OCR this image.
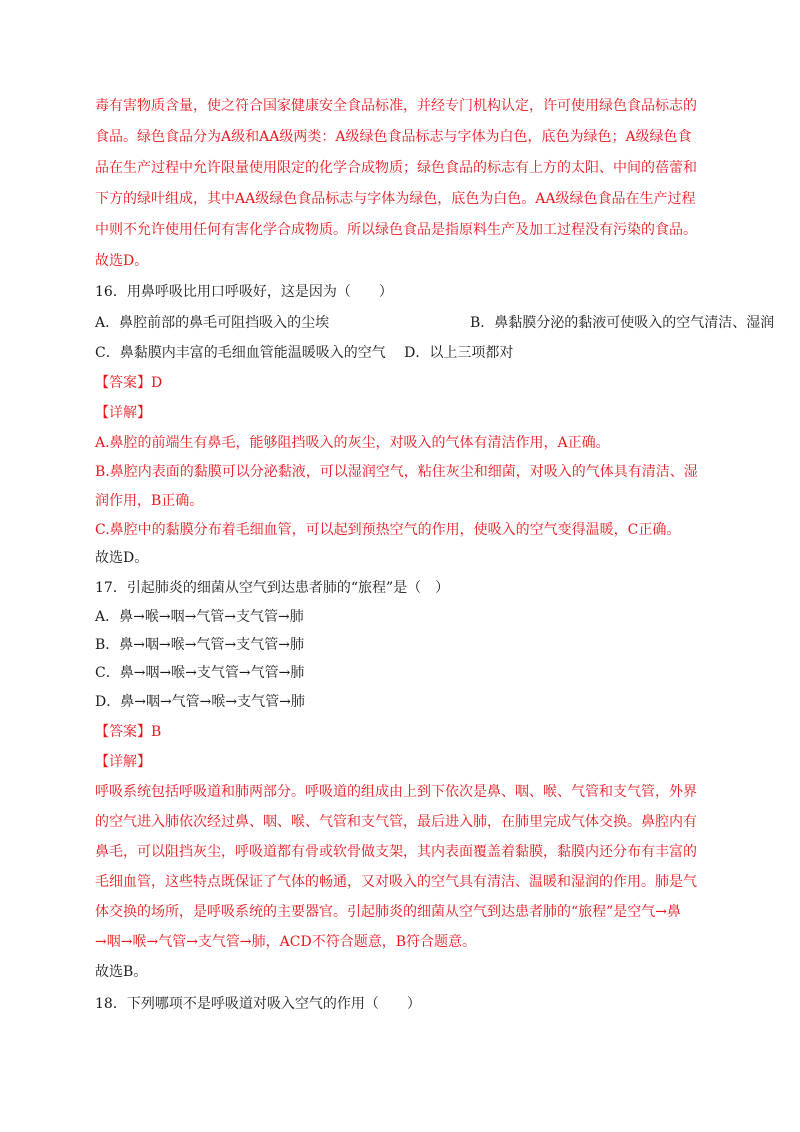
毒有害物质含量，使之符合国家健康安全食品标准，并经专门机构认定，许可使用绿色食品标志的
食品。绿色食品分为A级和AA级两类：A级绿色食品标志与字体为白色，底色为绿色；A级绿色食
品在生产过程中允许限量使用限定的化学合成物质；绿色食品的标志有上方的太阳、中间的蓓蕾和
下方的绿叶组成，其中AA级绿色食品标志与字体为绿色，底色为白色。AA级绿色食品在生产过程
中则不允许使用任何有害化学合成物质。所以绿色食品是指原料生产及加工过程没有污染的食品。
故选D。
16．用鼻呼吸比用口呼吸好，这是因为（　　）
A．鼻腔前部的鼻毛可阻挡吸入的尘埃	B．鼻黏膜分泌的黏液可使吸入的空气清洁、湿润
C．鼻黏膜内丰富的毛细血管能温暖吸入的空气　 D．以上三项都对
【答案】D
【详解】
A.鼻腔的前端生有鼻毛，能够阻挡吸入的灰尘，对吸入的气体有清洁作用，A正确。
B.鼻腔内表面的黏膜可以分泌黏液，可以湿润空气，粘住灰尘和细菌，对吸入的气体具有清洁、湿
润作用，B正确。
C.鼻腔中的黏膜分布着毛细血管，可以起到预热空气的作用，使吸入的空气变得温暖，C正确。
故选D。
17．引起肺炎的细菌从空气到达患者肺的“旅程”是（　）
A．鼻→喉→咽→气管→支气管→肺
B．鼻→咽→喉→气管→支气管→肺
C．鼻→咽→喉→支气管→气管→肺
D．鼻→咽→气管→喉→支气管→肺
【答案】B
【详解】
呼吸系统包括呼吸道和肺两部分。呼吸道的组成由上到下依次是鼻、咽、喉、气管和支气管，外界
的空气进入肺依次经过鼻、咽、喉、气管和支气管，最后进入肺，在肺里完成气体交换。鼻腔内有
鼻毛，可以阻挡灰尘，呼吸道都有骨或软骨做支架，其内表面覆盖着黏膜，黏膜内还分布有丰富的
毛细血管，这些特点既保证了气体的畅通，又对吸入的空气具有清洁、温暖和湿润的作用。肺是气
体交换的场所，是呼吸系统的主要器官。引起肺炎的细菌从空气到达患者肺的“旅程”是空气→鼻
→咽→喉→气管→支气管→肺，ACD不符合题意，B符合题意。
故选B。
18．下列哪项不是呼吸道对吸入空气的作用（　　）
